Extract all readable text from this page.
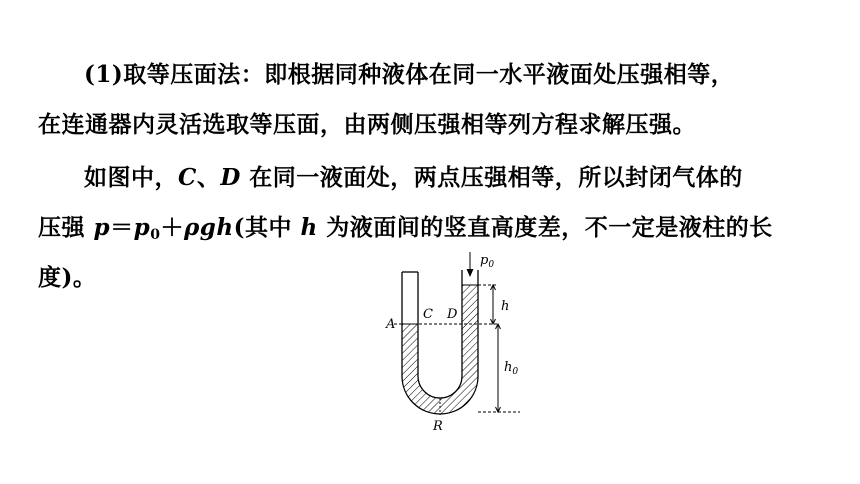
(1)取等压面法：即根据同种液体在同一水平液面处压强相等，
在连通器内灵活选取等压面，由两侧压强相等列方程求解压强。
如图中，C、D 在同一液面处，两点压强相等，所以封闭气体的
压强 $p=p_0+\rho gh$(其中 h 为液面间的竖直高度差，不一定是液柱的长
度)。
A
C D
R
$p_0$
h
$h_0$
